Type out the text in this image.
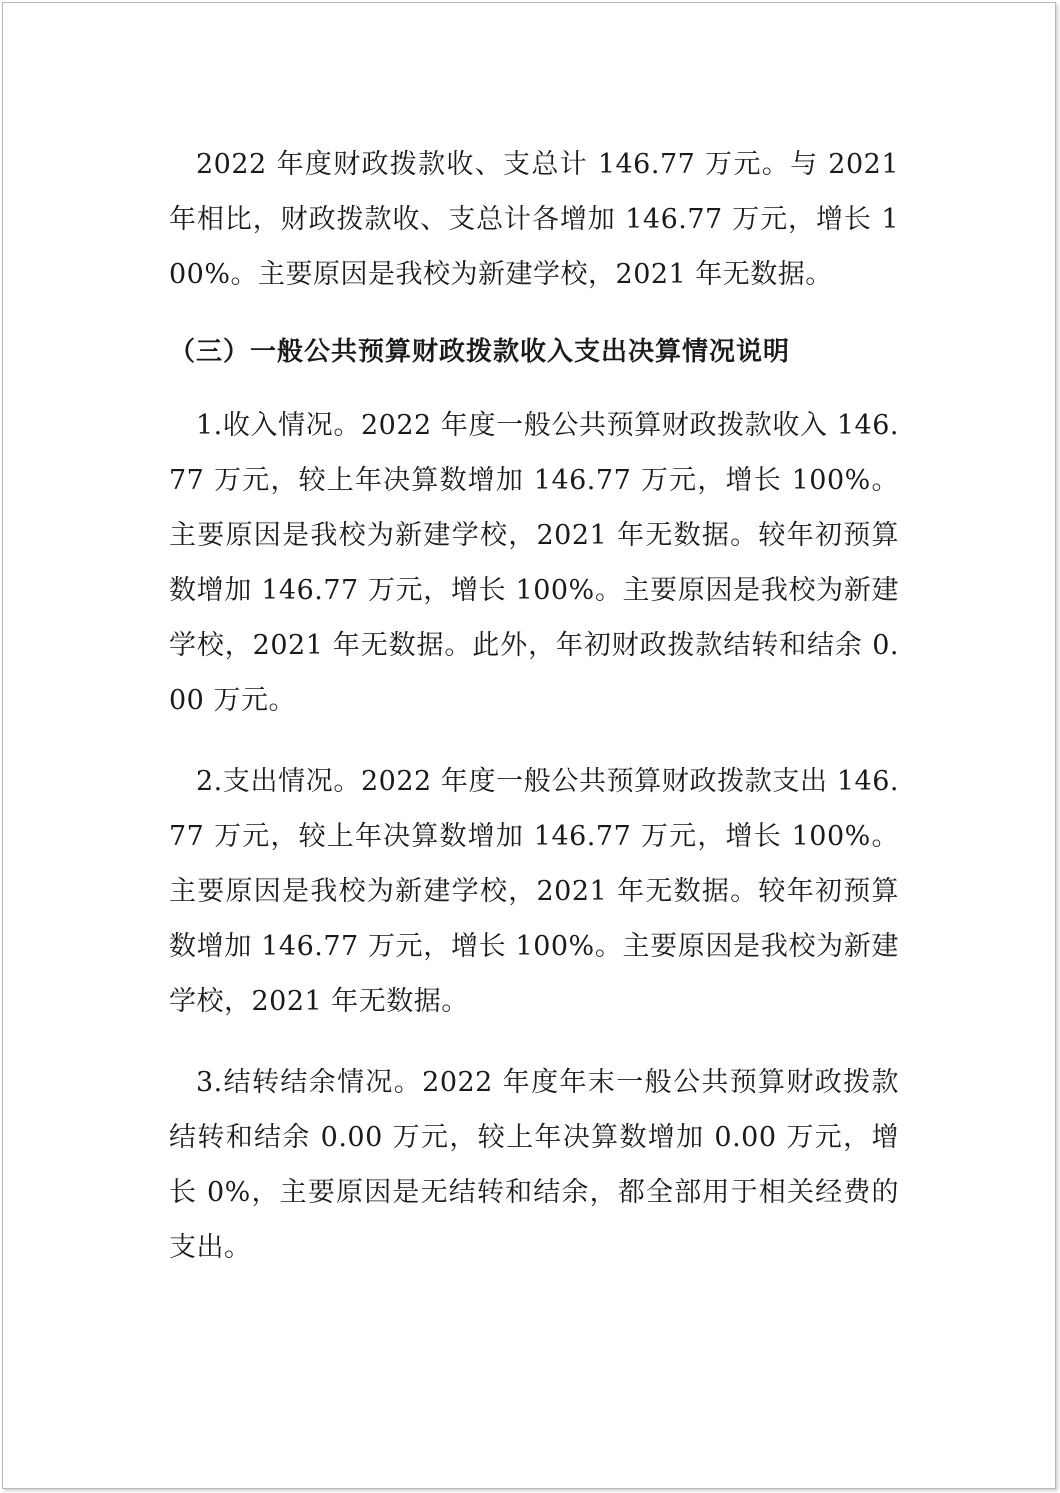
2022 年度财政拨款收、支总计 146.77 万元。与 2021 年相比，财政拨款收、支总计各增加 146.77 万元，增长 100%。主要原因是我校为新建学校，2021 年无数据。

（三）一般公共预算财政拨款收入支出决算情况说明

1.收入情况。2022 年度一般公共预算财政拨款收入 146.77 万元，较上年决算数增加 146.77 万元，增长 100%。主要原因是我校为新建学校，2021 年无数据。较年初预算数增加 146.77 万元，增长 100%。主要原因是我校为新建学校，2021 年无数据。此外，年初财政拨款结转和结余 0.00 万元。

2.支出情况。2022 年度一般公共预算财政拨款支出 146.77 万元，较上年决算数增加 146.77 万元，增长 100%。主要原因是我校为新建学校，2021 年无数据。较年初预算数增加 146.77 万元，增长 100%。主要原因是我校为新建学校，2021 年无数据。

3.结转结余情况。2022 年度年末一般公共预算财政拨款结转和结余 0.00 万元，较上年决算数增加 0.00 万元，增长 0%，主要原因是无结转和结余，都全部用于相关经费的支出。
